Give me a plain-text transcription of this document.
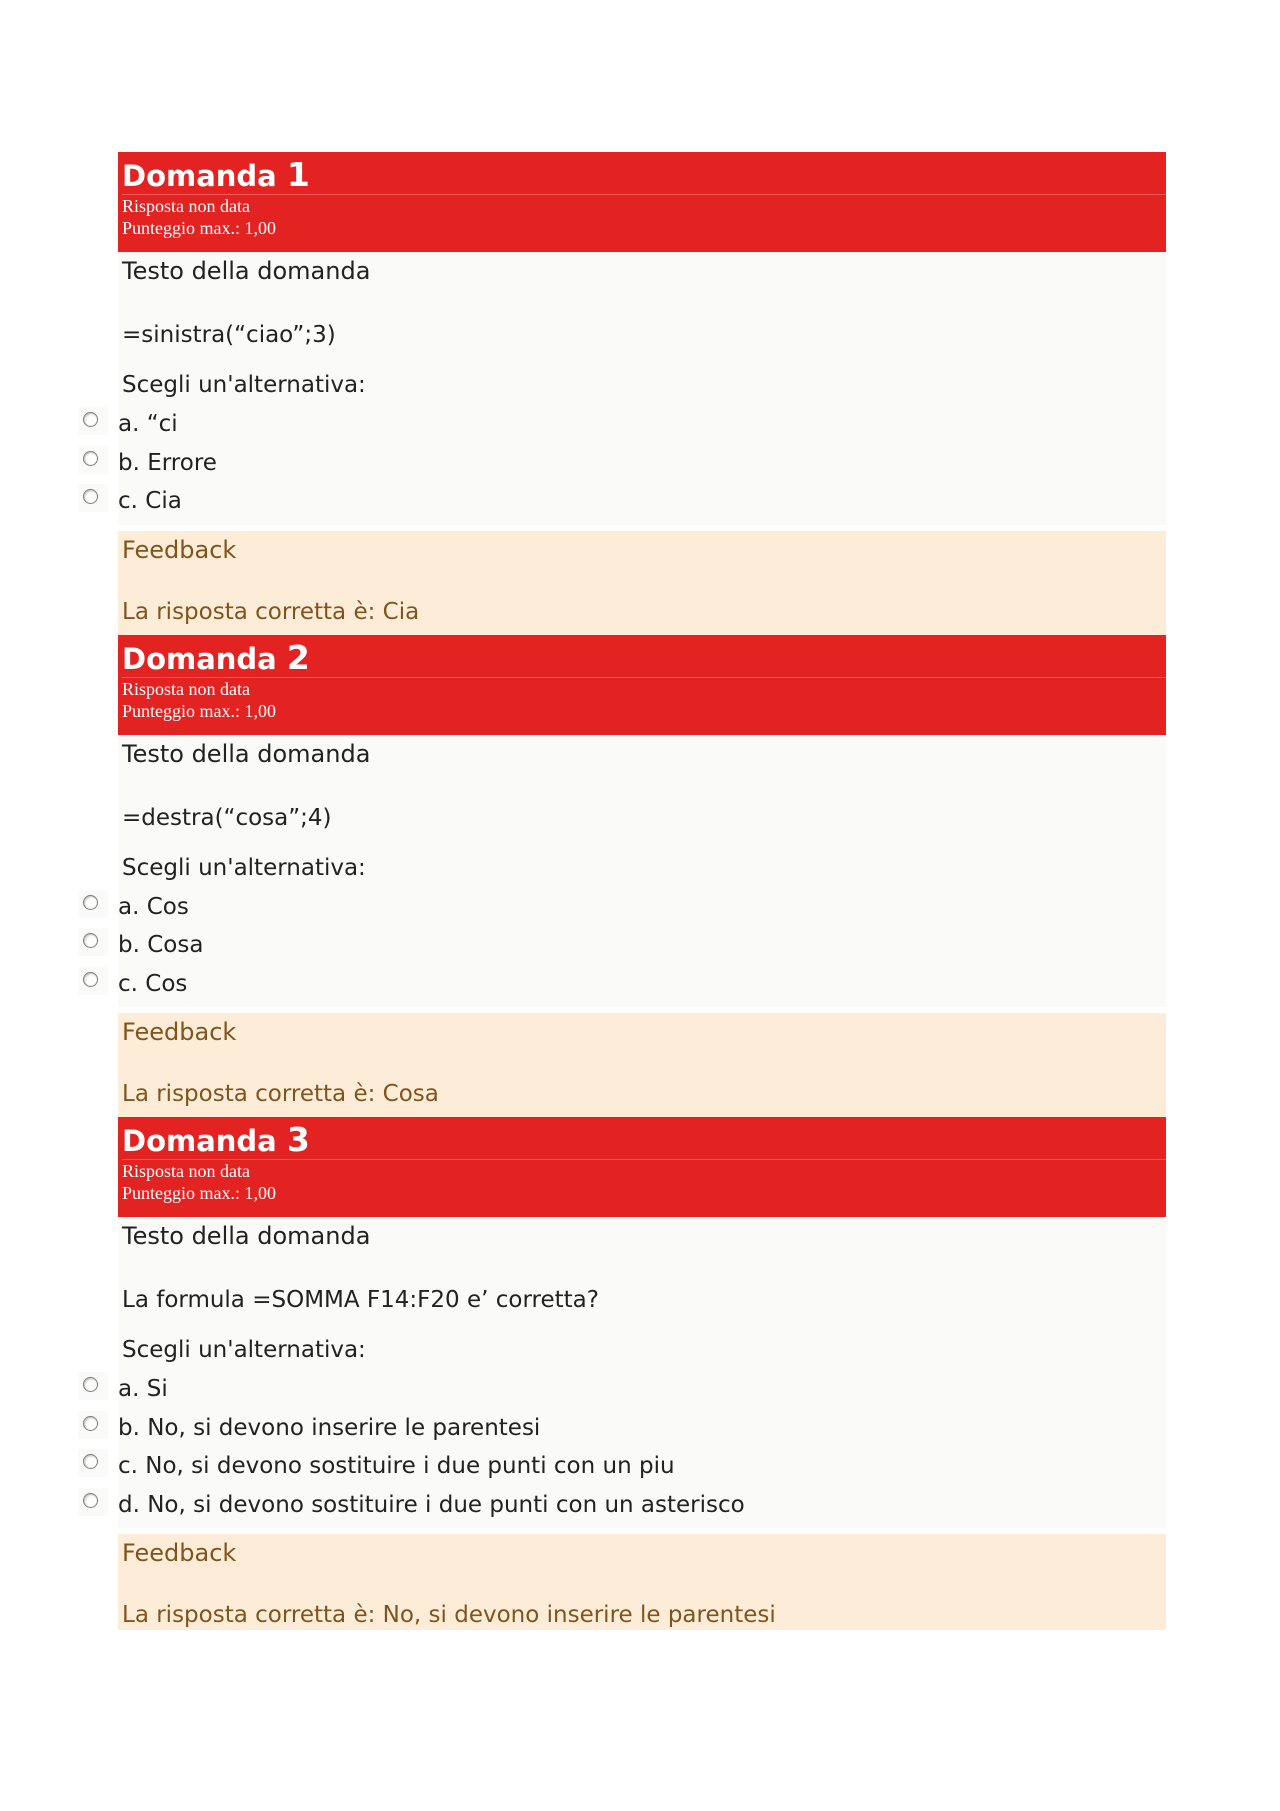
Domanda 1
Risposta non data
Punteggio max.: 1,00
Testo della domanda
=sinistra(“ciao”;3)
Scegli un'alternativa:
a. “ci
b. Errore
c. Cia
Feedback
La risposta corretta è: Cia
Domanda 2
Risposta non data
Punteggio max.: 1,00
Testo della domanda
=destra(“cosa”;4)
Scegli un'alternativa:
a. Cos
b. Cosa
c. Cos
Feedback
La risposta corretta è: Cosa
Domanda 3
Risposta non data
Punteggio max.: 1,00
Testo della domanda
La formula =SOMMA F14:F20 e’ corretta?
Scegli un'alternativa:
a. Si
b. No, si devono inserire le parentesi
c. No, si devono sostituire i due punti con un piu
d. No, si devono sostituire i due punti con un asterisco
Feedback
La risposta corretta è: No, si devono inserire le parentesi
